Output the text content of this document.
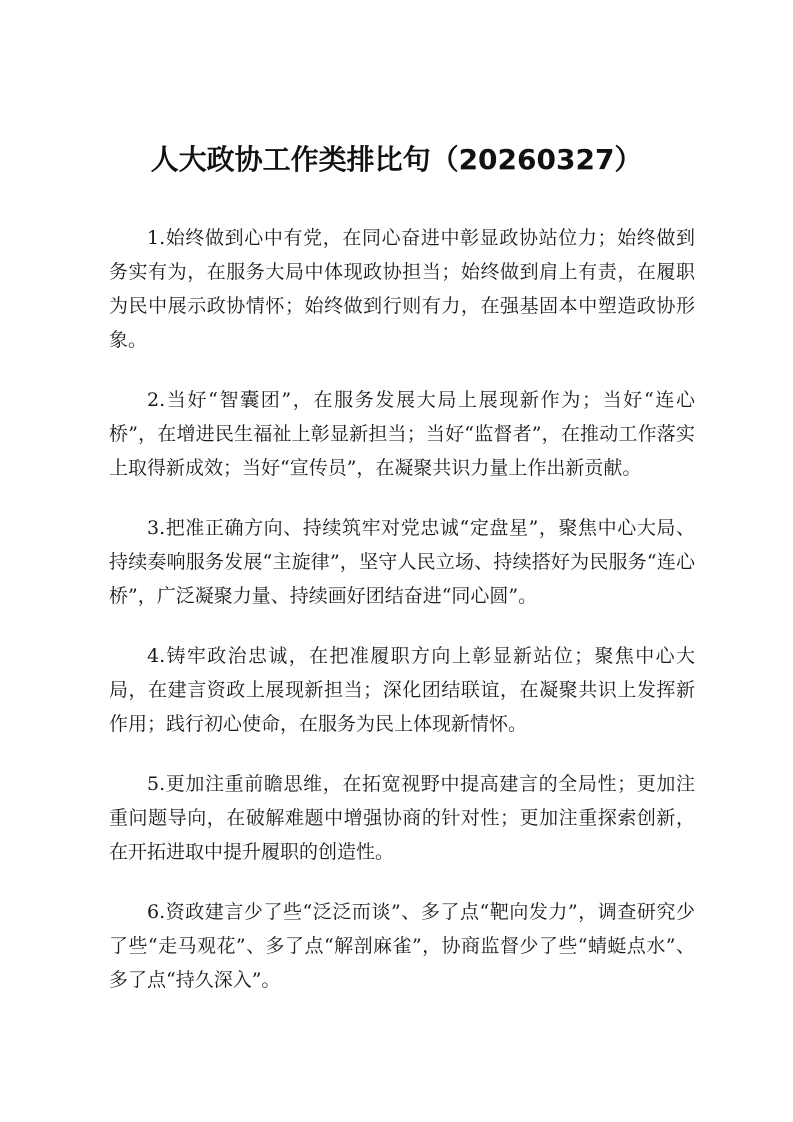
人大政协工作类排比句（20260327）

1.始终做到心中有党，在同心奋进中彰显政协站位力；始终做到务实有为，在服务大局中体现政协担当；始终做到肩上有责，在履职为民中展示政协情怀；始终做到行则有力，在强基固本中塑造政协形象。

2.当好“智囊团”，在服务发展大局上展现新作为；当好“连心桥”，在增进民生福祉上彰显新担当；当好“监督者”，在推动工作落实上取得新成效；当好“宣传员”，在凝聚共识力量上作出新贡献。

3.把准正确方向、持续筑牢对党忠诚“定盘星”，聚焦中心大局、持续奏响服务发展“主旋律”，坚守人民立场、持续搭好为民服务“连心桥”，广泛凝聚力量、持续画好团结奋进“同心圆”。

4.铸牢政治忠诚，在把准履职方向上彰显新站位；聚焦中心大局，在建言资政上展现新担当；深化团结联谊，在凝聚共识上发挥新作用；践行初心使命，在服务为民上体现新情怀。

5.更加注重前瞻思维，在拓宽视野中提高建言的全局性；更加注重问题导向，在破解难题中增强协商的针对性；更加注重探索创新，在开拓进取中提升履职的创造性。

6.资政建言少了些“泛泛而谈”、多了点“靶向发力”，调查研究少了些“走马观花”、多了点“解剖麻雀”，协商监督少了些“蜻蜓点水”、多了点“持久深入”。
